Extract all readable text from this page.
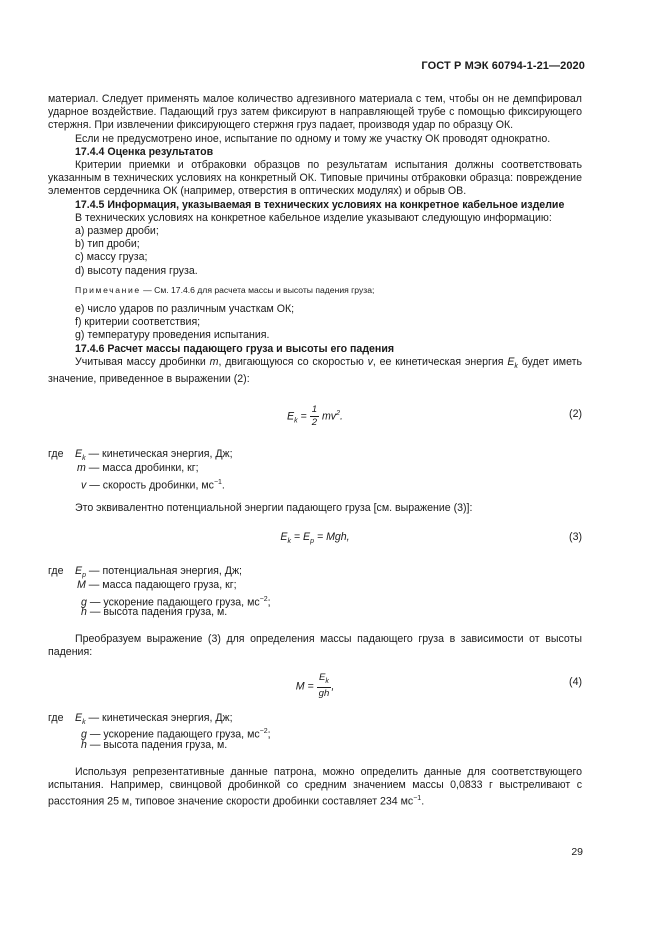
ГОСТ Р МЭК 60794-1-21—2020

материал. Следует применять малое количество адгезивного материала с тем, чтобы он не демпфировал ударное воздействие. Падающий груз затем фиксируют в направляющей трубе с помощью фиксирующего стержня. При извлечении фиксирующего стержня груз падает, производя удар по образцу ОК.

Если не предусмотрено иное, испытание по одному и тому же участку ОК проводят однократно.

17.4.4 Оценка результатов

Критерии приемки и отбраковки образцов по результатам испытания должны соответствовать указанным в технических условиях на конкретный ОК. Типовые причины отбраковки образца: повреждение элементов сердечника ОК (например, отверстия в оптических модулях) и обрыв ОВ.

17.4.5 Информация, указываемая в технических условиях на конкретное кабельное изделие

В технических условиях на конкретное кабельное изделие указывают следующую информацию:

a) размер дроби;

b) тип дроби;

c) массу груза;

d) высоту падения груза.

Примечание — См. 17.4.6 для расчета массы и высоты падения груза;

e) число ударов по различным участкам ОК;

f) критерии соответствия;

g) температуру проведения испытания.

17.4.6 Расчет массы падающего груза и высоты его падения

Учитывая массу дробинки m, двигающуюся со скоростью v, ее кинетическая энергия $E_k$ будет иметь значение, приведенное в выражении (2):

$E_k = \frac{1}{2} mv^2$.	(2)
где $E_k$ — кинетическая энергия, Дж;
m — масса дробинки, кг;
v — скорость дробинки, $мс^{-1}$.

Это эквивалентно потенциальной энергии падающего груза [см. выражение (3)]:

$E_k = E_p$ = Mgh,	(3)
где $E_p$ — потенциальная энергия, Дж;
M — масса падающего груза, кг;
g — ускорение падающего груза, $мс^{-2}$;
h — высота падения груза, м.

Преобразуем выражение (3) для определения массы падающего груза в зависимости от высоты падения:

$M = \frac{E_k}{gh}$ ,	(4)
где $E_k$ — кинетическая энергия, Дж;
g — ускорение падающего груза, $мс^{-2}$;
h — высота падения груза, м.

Используя репрезентативные данные патрона, можно определить данные для соответствующего испытания. Например, свинцовой дробинкой со средним значением массы 0,0833 г выстреливают с расстояния 25 м, типовое значение скорости дробинки составляет 234 $мс^{-1}$.

29
